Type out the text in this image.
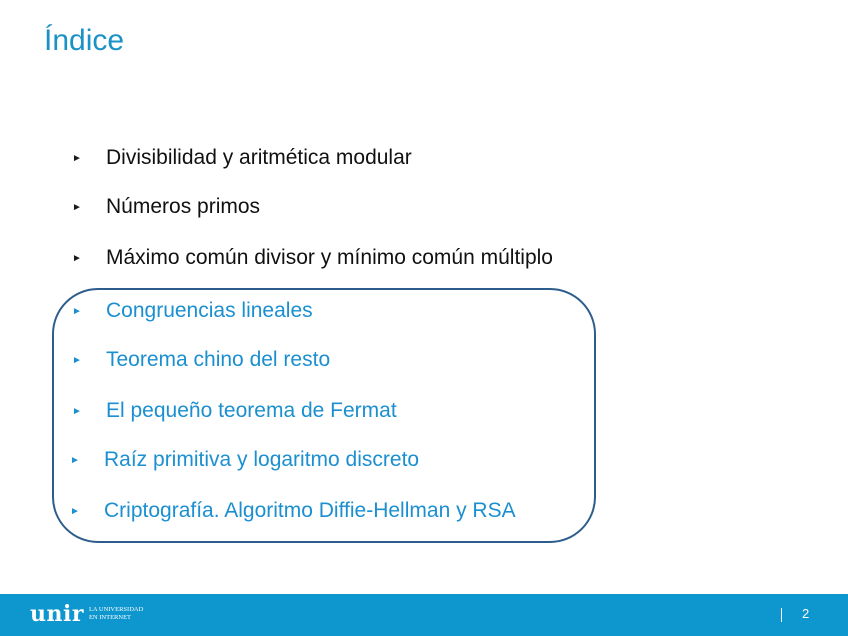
Índice
►	Divisibilidad y aritmética modular
►	Números primos
►	Máximo común divisor y mínimo común múltiplo
►	Congruencias lineales
►	Teorema chino del resto
►	El pequeño teorema de Fermat
►	Raíz primitiva y logaritmo discreto
►	Criptografía. Algoritmo Diffie-Hellman y RSA
unir LA UNIVERSIDAD
EN INTERNET	2
